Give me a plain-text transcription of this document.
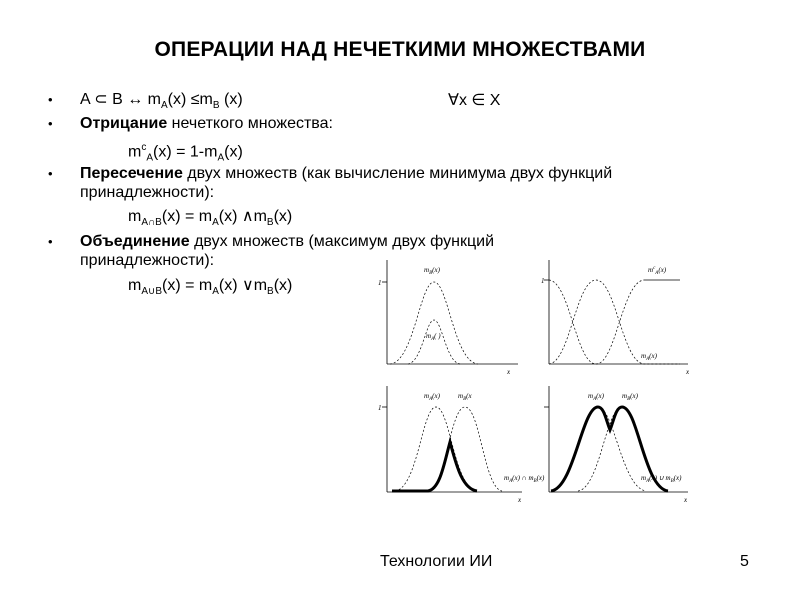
ОПЕРАЦИИ НАД НЕЧЕТКИМИ МНОЖЕСТВАМИ
• A ⊂ B ↔ $m_A(x) \le m_B$ (x)	∀x ∈ X
• Отрицание нечеткого множества:
$m^c_A(x) = 1-m_A(x)$
• Пересечение двух множеств (как вычисление минимума двух функций
принадлежности):
$m_{A\cap B}(x) = m_A(x)$ $\wedge m_B(x)$
• Объединение двух множеств (максимум двух функций
принадлежности):
$m_{A\cup B}(x) = m_A(x)$ $\vee m_B(x)$	1
x
$m_B(x)$
$m_A$( )
1
x
$m^c_A(x)$
$m_A(x)$
1
x
$m_A(x)$	$m_B(x$
$m_A(x)$ ∩ $m_B(x)$
x
$m_A(x)$	$m_B(x)$
$m_A(x)$ ∪ $m_B(x)$
Технологии ИИ	5
